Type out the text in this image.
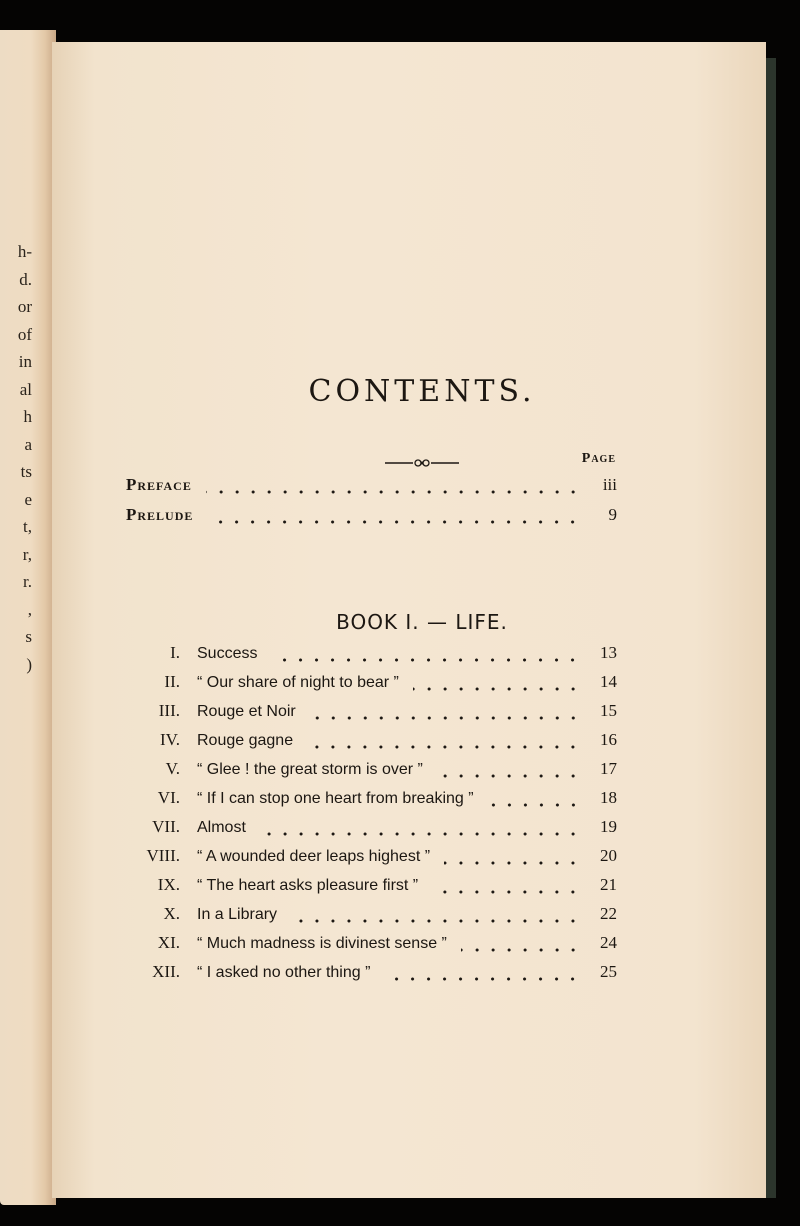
h-
d.
or
of
in
al
h
a
ts
e
t,
r,
r.
,
s
)
CONTENTS.
Page
Preface	iii
Prelude	9
BOOK I. — LIFE.
I. Success	13
II. “ Our share of night to bear ”	14
III. Rouge et Noir	15
IV. Rouge gagne	16
V. “ Glee ! the great storm is over ”	17
VI. “ If I can stop one heart from breaking ”	18
VII. Almost	19
VIII. “ A wounded deer leaps highest ”	20
IX. “ The heart asks pleasure first ”	21
X. In a Library	22
XI. “ Much madness is divinest sense ”	24
XII. “ I asked no other thing ”	25
